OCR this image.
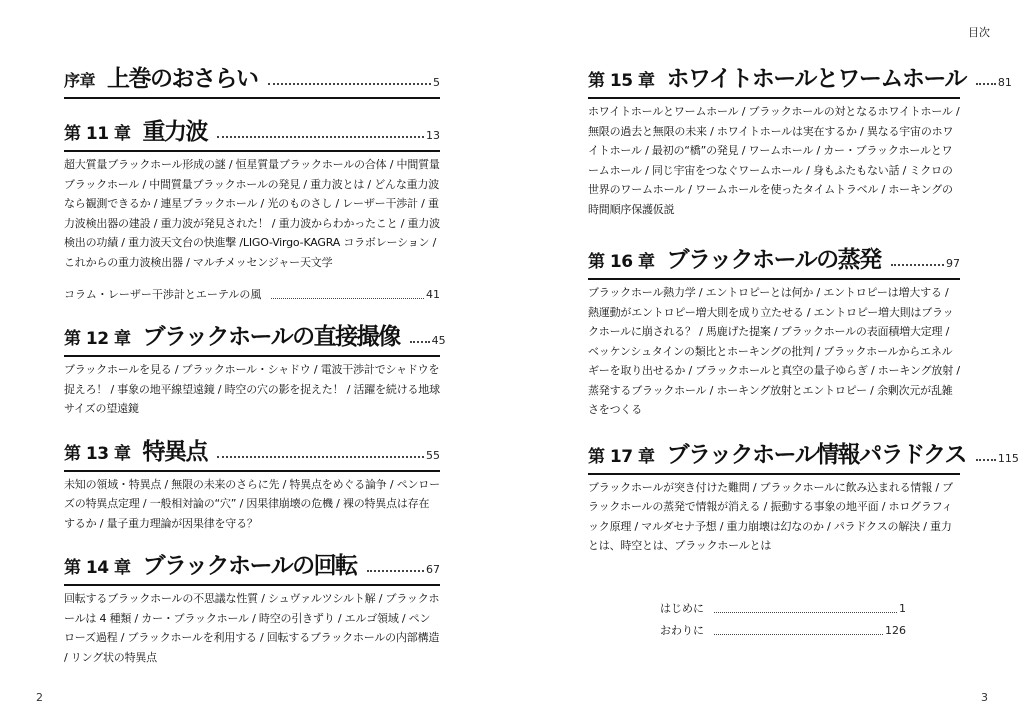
目次
序章 上巻のおさらい	5
第 11 章 重力波	13
超大質量ブラックホール形成の謎 / 恒星質量ブラックホールの合体 / 中間質量ブラックホール / 中間質量ブラックホールの発見 / 重力波とは / どんな重力波なら観測できるか / 連星ブラックホール / 光のものさし / レーザー干渉計 / 重力波検出器の建設 / 重力波が発見された！ / 重力波からわかったこと / 重力波検出の功績 / 重力波天文台の快進撃 /LIGO-Virgo-KAGRA コラボレーション / これからの重力波検出器 / マルチメッセンジャー天文学
コラム・レーザー干渉計とエーテルの風	41
第 12 章 ブラックホールの直接撮像	45
ブラックホールを見る / ブラックホール・シャドウ / 電波干渉計でシャドウを捉えろ！ / 事象の地平線望遠鏡 / 時空の穴の影を捉えた！ / 活躍を続ける地球サイズの望遠鏡
第 13 章 特異点	55
未知の領域・特異点 / 無限の未来のさらに先 / 特異点をめぐる論争 / ペンローズの特異点定理 / 一般相対論の“穴” / 因果律崩壊の危機 / 裸の特異点は存在するか / 量子重力理論が因果律を守る？
第 14 章 ブラックホールの回転	67
回転するブラックホールの不思議な性質 / シュヴァルツシルト解 / ブラックホールは 4 種類 / カー・ブラックホール / 時空の引きずり / エルゴ領域 / ペンローズ過程 / ブラックホールを利用する / 回転するブラックホールの内部構造 / リング状の特異点
第 15 章 ホワイトホールとワームホール	81
ホワイトホールとワームホール / ブラックホールの対となるホワイトホール / 無限の過去と無限の未来 / ホワイトホールは実在するか / 異なる宇宙のホワイトホール / 最初の“橋”の発見 / ワームホール / カー・ブラックホールとワームホール / 同じ宇宙をつなぐワームホール / 身もふたもない話 / ミクロの世界のワームホール / ワームホールを使ったタイムトラベル / ホーキングの時間順序保護仮説
第 16 章 ブラックホールの蒸発	97
ブラックホール熱力学 / エントロピーとは何か / エントロピーは増大する / 熱運動がエントロピー増大則を成り立たせる / エントロピー増大則はブラックホールに崩される？ / 馬鹿げた提案 / ブラックホールの表面積増大定理 / ベッケンシュタインの類比とホーキングの批判 / ブラックホールからエネルギーを取り出せるか / ブラックホールと真空の量子ゆらぎ / ホーキング放射 / 蒸発するブラックホール / ホーキング放射とエントロピー / 余剰次元が乱雑さをつくる
第 17 章 ブラックホール情報パラドクス	115
ブラックホールが突き付けた難問 / ブラックホールに飲み込まれる情報 / ブラックホールの蒸発で情報が消える / 振動する事象の地平面 / ホログラフィック原理 / マルダセナ予想 / 重力崩壊は幻なのか / パラドクスの解決 / 重力とは、時空とは、ブラックホールとは
はじめに	1
おわりに	126
2	3
